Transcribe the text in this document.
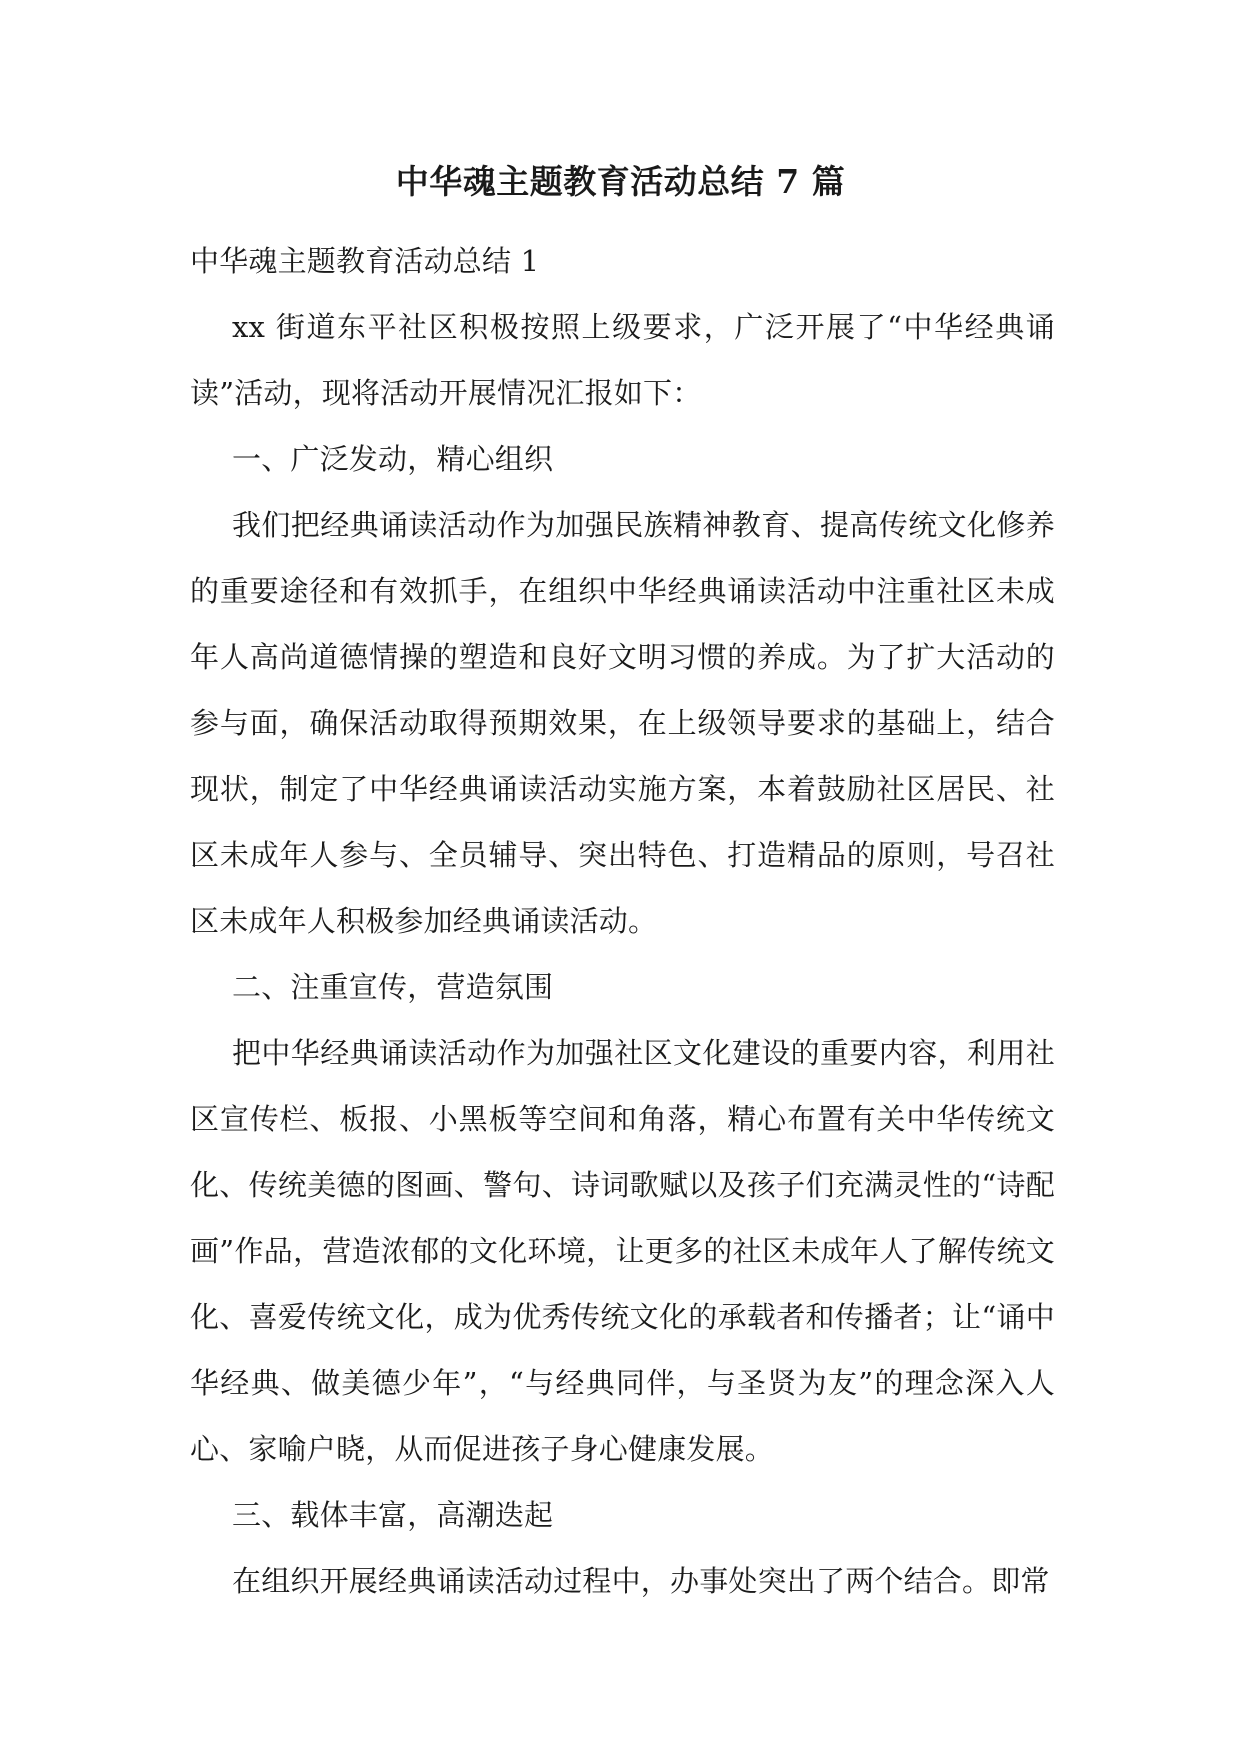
中华魂主题教育活动总结 7 篇

中华魂主题教育活动总结 1

xx 街道东平社区积极按照上级要求，广泛开展了“中华经典诵读”活动，现将活动开展情况汇报如下：

一、广泛发动，精心组织

我们把经典诵读活动作为加强民族精神教育、提高传统文化修养的重要途径和有效抓手，在组织中华经典诵读活动中注重社区未成年人高尚道德情操的塑造和良好文明习惯的养成。为了扩大活动的参与面，确保活动取得预期效果，在上级领导要求的基础上，结合现状，制定了中华经典诵读活动实施方案，本着鼓励社区居民、社区未成年人参与、全员辅导、突出特色、打造精品的原则，号召社区未成年人积极参加经典诵读活动。

二、注重宣传，营造氛围

把中华经典诵读活动作为加强社区文化建设的重要内容，利用社区宣传栏、板报、小黑板等空间和角落，精心布置有关中华传统文化、传统美德的图画、警句、诗词歌赋以及孩子们充满灵性的“诗配画”作品，营造浓郁的文化环境，让更多的社区未成年人了解传统文化、喜爱传统文化，成为优秀传统文化的承载者和传播者；让“诵中华经典、做美德少年”，“与经典同伴，与圣贤为友”的理念深入人心、家喻户晓，从而促进孩子身心健康发展。

三、载体丰富，高潮迭起

在组织开展经典诵读活动过程中，办事处突出了两个结合。即常
